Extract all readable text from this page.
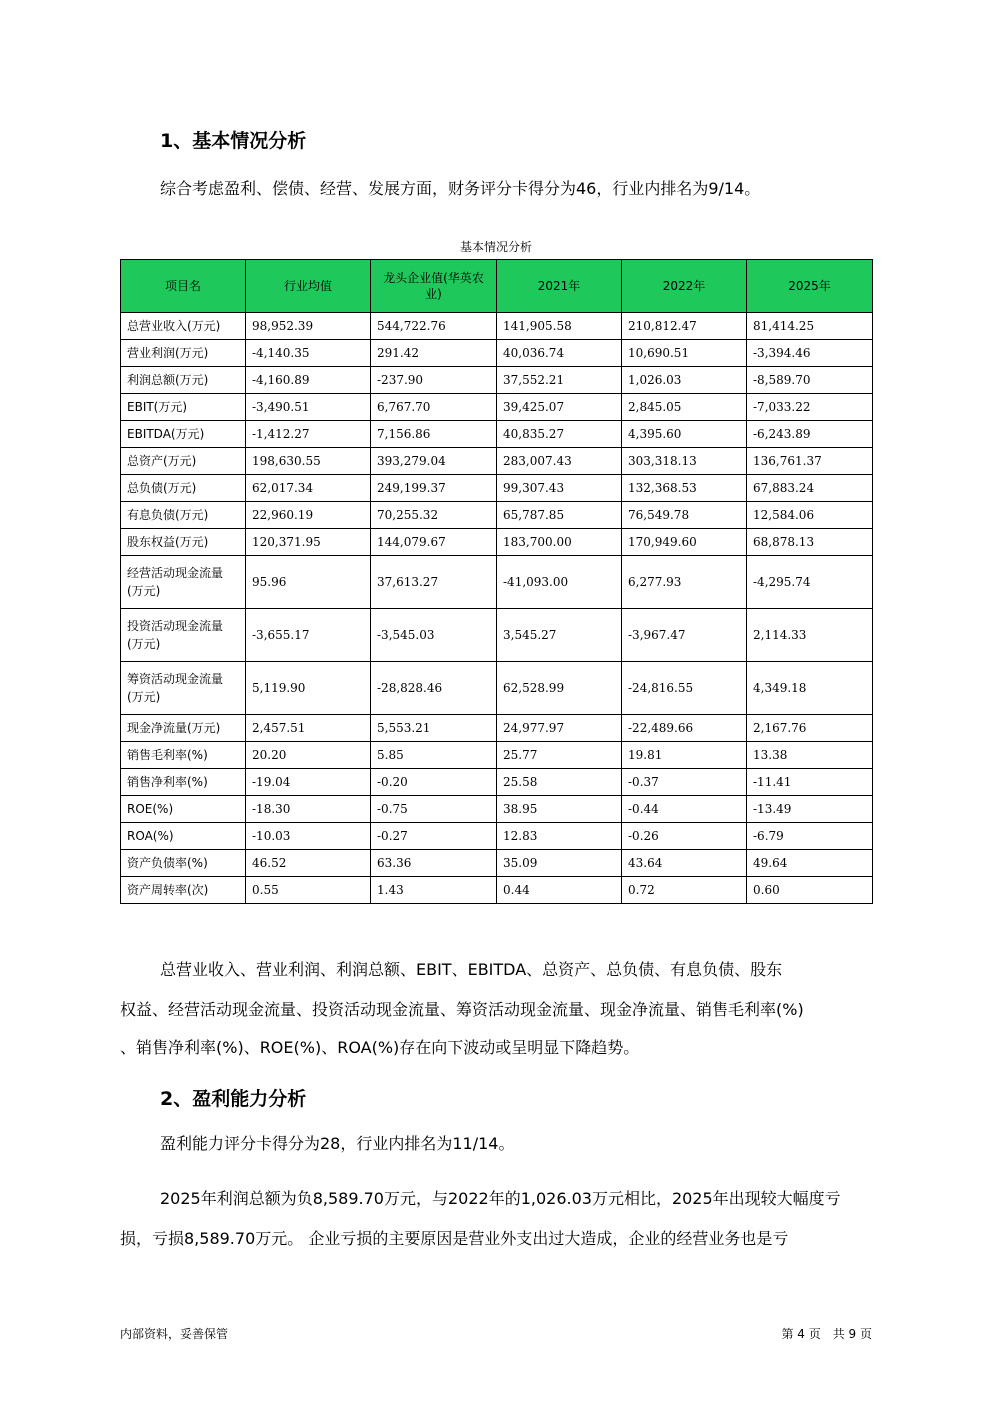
1、基本情况分析
综合考虑盈利、偿债、经营、发展方面，财务评分卡得分为46，行业内排名为9/14。
基本情况分析
项目名	行业均值	龙头企业值(华英农业)	2021年	2022年	2025年
总营业收入(万元)	98,952.39	544,722.76	141,905.58	210,812.47	81,414.25
营业利润(万元)	-4,140.35	291.42	40,036.74	10,690.51	-3,394.46
利润总额(万元)	-4,160.89	-237.90	37,552.21	1,026.03	-8,589.70
EBIT(万元)	-3,490.51	6,767.70	39,425.07	2,845.05	-7,033.22
EBITDA(万元)	-1,412.27	7,156.86	40,835.27	4,395.60	-6,243.89
总资产(万元)	198,630.55	393,279.04	283,007.43	303,318.13	136,761.37
总负债(万元)	62,017.34	249,199.37	99,307.43	132,368.53	67,883.24
有息负债(万元)	22,960.19	70,255.32	65,787.85	76,549.78	12,584.06
股东权益(万元)	120,371.95	144,079.67	183,700.00	170,949.60	68,878.13
经营活动现金流量(万元)	95.96	37,613.27	-41,093.00	6,277.93	-4,295.74
投资活动现金流量(万元)	-3,655.17	-3,545.03	3,545.27	-3,967.47	2,114.33
筹资活动现金流量(万元)	5,119.90	-28,828.46	62,528.99	-24,816.55	4,349.18
现金净流量(万元)	2,457.51	5,553.21	24,977.97	-22,489.66	2,167.76
销售毛利率(%)	20.20	5.85	25.77	19.81	13.38
销售净利率(%)	-19.04	-0.20	25.58	-0.37	-11.41
ROE(%)	-18.30	-0.75	38.95	-0.44	-13.49
ROA(%)	-10.03	-0.27	12.83	-0.26	-6.79
资产负债率(%)	46.52	63.36	35.09	43.64	49.64
资产周转率(次)	0.55	1.43	0.44	0.72	0.60
总营业收入、营业利润、利润总额、EBIT、EBITDA、总资产、总负债、有息负债、股东
权益、经营活动现金流量、投资活动现金流量、筹资活动现金流量、现金净流量、销售毛利率(%)
、销售净利率(%)、ROE(%)、ROA(%)存在向下波动或呈明显下降趋势。
2、盈利能力分析
盈利能力评分卡得分为28，行业内排名为11/14。
2025年利润总额为负8,589.70万元，与2022年的1,026.03万元相比，2025年出现较大幅度亏
损，亏损8,589.70万元。 企业亏损的主要原因是营业外支出过大造成，企业的经营业务也是亏
内部资料，妥善保管	第 4 页　共 9 页
